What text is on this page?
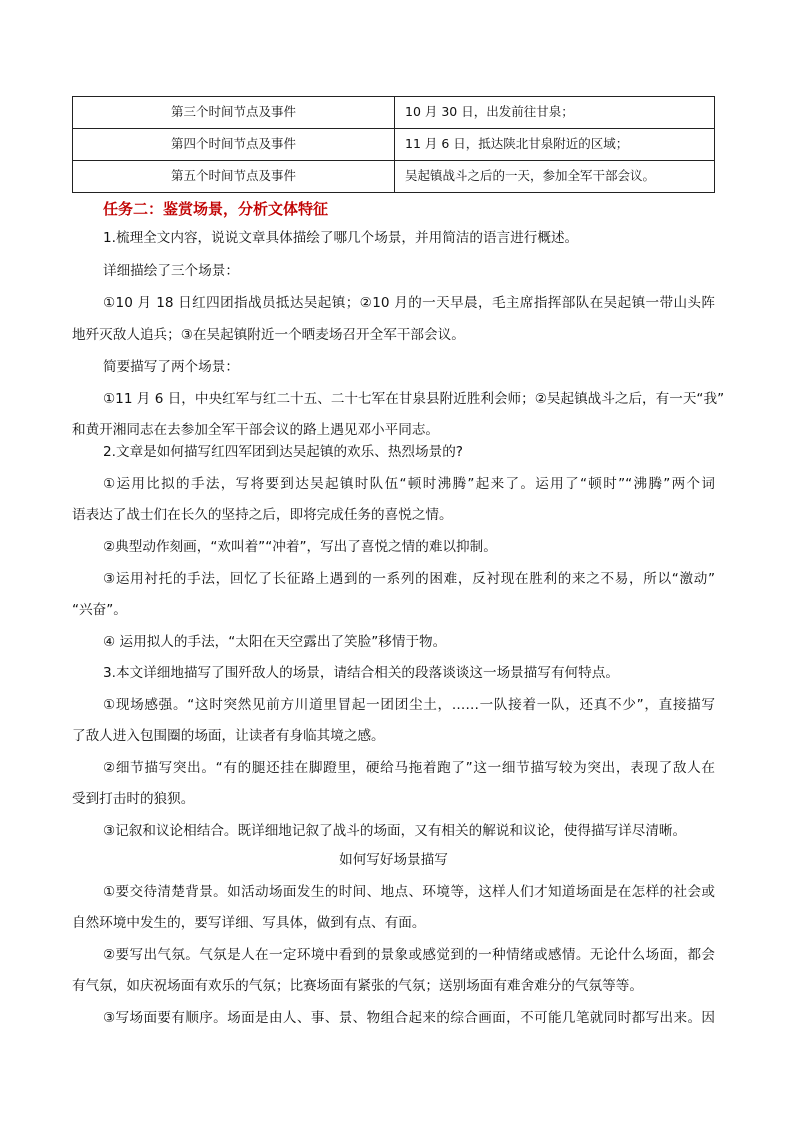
第三个时间节点及事件	10 月 30 日，出发前往甘泉；
第四个时间节点及事件	11 月 6 日，抵达陕北甘泉附近的区域；
第五个时间节点及事件	吴起镇战斗之后的一天，参加全军干部会议。
任务二：鉴赏场景，分析文体特征

1.梳理全文内容，说说文章具体描绘了哪几个场景，并用简洁的语言进行概述。

详细描绘了三个场景：

①10 月 18 日红四团指战员抵达吴起镇；②10 月的一天早晨，毛主席指挥部队在吴起镇一带山头阵

地歼灭敌人追兵；③在吴起镇附近一个晒麦场召开全军干部会议。

简要描写了两个场景：

①11 月 6 日，中央红军与红二十五、二十七军在甘泉县附近胜利会师；②吴起镇战斗之后，有一天“我”

和黄开湘同志在去参加全军干部会议的路上遇见邓小平同志。

2.文章是如何描写红四军团到达吴起镇的欢乐、热烈场景的?

①运用比拟的手法，写将要到达吴起镇时队伍“顿时沸腾”起来了。运用了“顿时”“沸腾”两个词

语表达了战士们在长久的坚持之后，即将完成任务的喜悦之情。

②典型动作刻画，“欢叫着”“冲着”，写出了喜悦之情的难以抑制。

③运用衬托的手法，回忆了长征路上遇到的一系列的困难，反衬现在胜利的来之不易，所以“激动”

“兴奋”。

④ 运用拟人的手法，“太阳在天空露出了笑脸”移情于物。

3.本文详细地描写了围歼敌人的场景，请结合相关的段落谈谈这一场景描写有何特点。

①现场感强。“这时突然见前方川道里冒起一团团尘土，……一队接着一队，还真不少”，直接描写

了敌人进入包围圈的场面，让读者有身临其境之感。

②细节描写突出。“有的腿还挂在脚蹬里，硬给马拖着跑了”这一细节描写较为突出，表现了敌人在

受到打击时的狼狈。

③记叙和议论相结合。既详细地记叙了战斗的场面，又有相关的解说和议论，使得描写详尽清晰。

如何写好场景描写

①要交待清楚背景。如活动场面发生的时间、地点、环境等，这样人们才知道场面是在怎样的社会或

自然环境中发生的，要写详细、写具体，做到有点、有面。

②要写出气氛。气氛是人在一定环境中看到的景象或感觉到的一种情绪或感情。无论什么场面，都会

有气氛，如庆祝场面有欢乐的气氛；比赛场面有紧张的气氛；送别场面有难舍难分的气氛等等。

③写场面要有顺序。场面是由人、事、景、物组合起来的综合画面，不可能几笔就同时都写出来。因
